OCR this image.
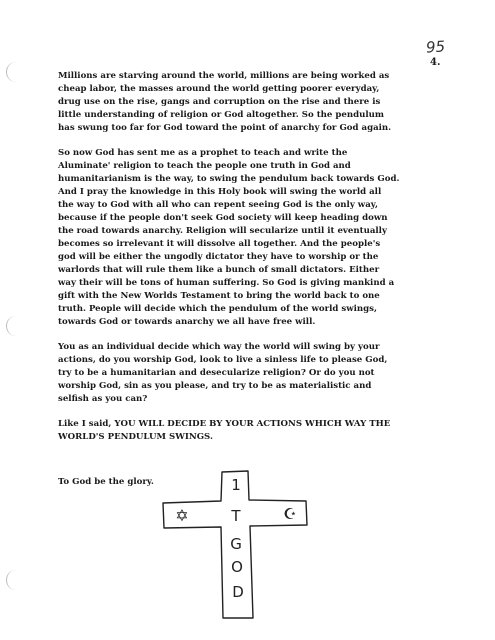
95
4.

Millions are starving around the world, millions are being worked as
cheap labor, the masses around the world getting poorer everyday,
drug use on the rise, gangs and corruption on the rise and there is
little understanding of religion or God altogether. So the pendulum
has swung too far for God toward the point of anarchy for God again.

So now God has sent me as a prophet to teach and write the
Aluminate' religion to teach the people one truth in God and
humanitarianism is the way, to swing the pendulum back towards God.
And I pray the knowledge in this Holy book will swing the world all
the way to God with all who can repent seeing God is the only way,
because if the people don't seek God society will keep heading down
the road towards anarchy. Religion will secularize until it eventually
becomes so irrelevant it will dissolve all together. And the people's
god will be either the ungodly dictator they have to worship or the
warlords that will rule them like a bunch of small dictators. Either
way their will be tons of human suffering. So God is giving mankind a
gift with the New Worlds Testament to bring the world back to one
truth. People will decide which the pendulum of the world swings,
towards God or towards anarchy we all have free will.

You as an individual decide which way the world will swing by your
actions, do you worship God, look to live a sinless life to please God,
try to be a humanitarian and desecularize religion? Or do you not
worship God, sin as you please, and try to be as materialistic and
selfish as you can?

Like I said, YOU WILL DECIDE BY YOUR ACTIONS WHICH WAY THE
WORLD'S PENDULUM SWINGS.

To God be the glory.	1
T
G
O
D
✡	☪
